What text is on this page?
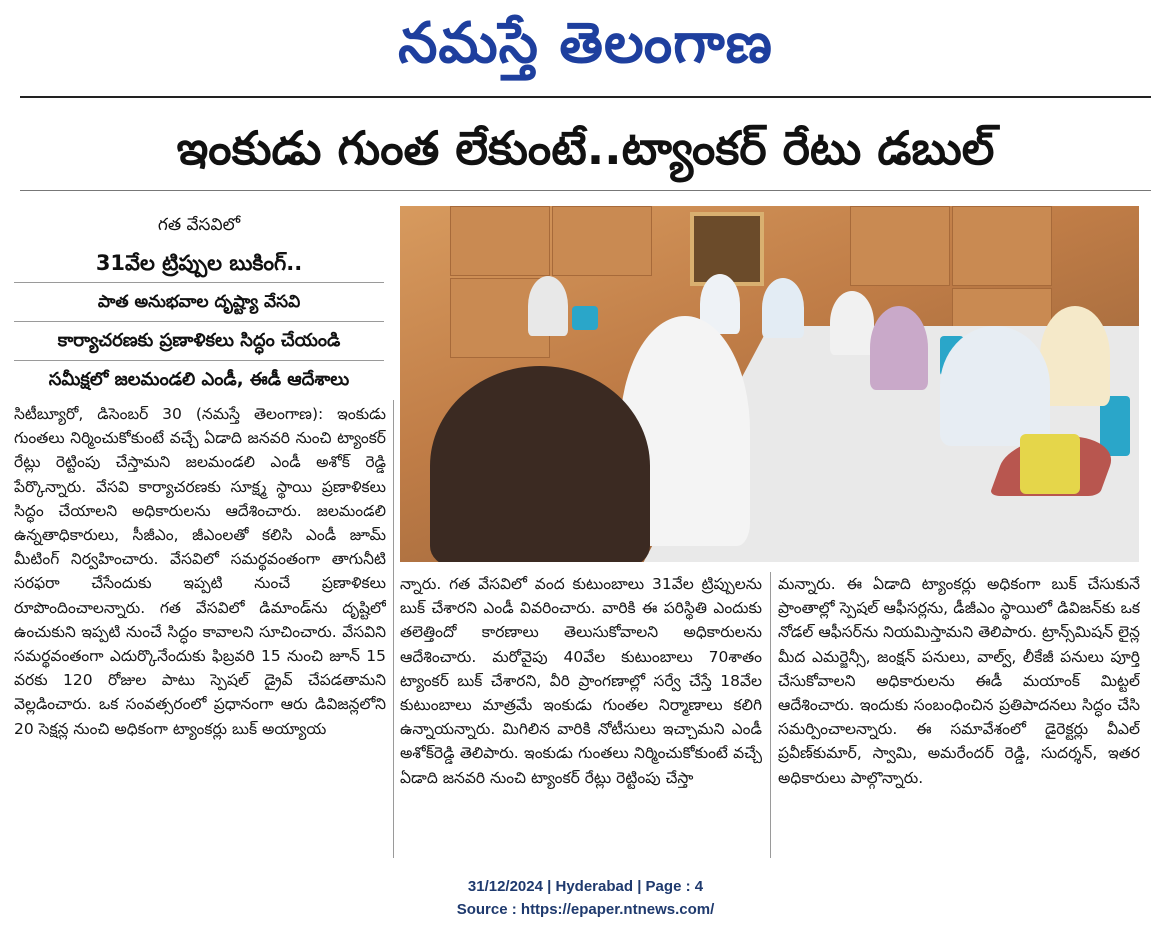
నమస్తే తెలంగాణ
ఇంకుడు గుంత లేకుంటే..ట్యాంకర్ రేటు డబుల్
గత వేసవిలో
31వేల ట్రిప్పుల బుకింగ్..
పాత అనుభవాల దృష్ట్యా వేసవి
కార్యాచరణకు ప్రణాళికలు సిద్ధం చేయండి
సమీక్షలో జలమండలి ఎండీ, ఈడీ ఆదేశాలు
సిటీబ్యూరో, డిసెంబర్ 30 (నమస్తే తెలంగాణ): ఇంకుడు గుంతలు నిర్మించుకోకుంటే వచ్చే ఏడాది జనవరి నుంచి ట్యాంకర్ రేట్లు రెట్టింపు చేస్తామని జలమండలి ఎండీ అశోక్ రెడ్డి పేర్కొన్నారు. వేసవి కార్యాచరణకు సూక్ష్మ స్థాయి ప్రణాళికలు సిద్ధం చేయాలని అధికారులను ఆదేశించారు. జలమండలి ఉన్నతాధికారులు, సీజీఎం, జీఎంలతో కలిసి ఎండీ జూమ్ మీటింగ్ నిర్వహించారు. వేసవిలో సమర్థవంతంగా తాగునీటి సరఫరా చేసేందుకు ఇప్పటి నుంచే ప్రణాళికలు రూపొందించాలన్నారు. గత వేసవిలో డిమాండ్‌ను దృష్టిలో ఉంచుకుని ఇప్పటి నుంచే సిద్ధం కావాలని సూచించారు. వేసవిని సమర్థవంతంగా ఎదుర్కొనేందుకు ఫిబ్రవరి 15 నుంచి జూన్ 15 వరకు 120 రోజుల పాటు స్పెషల్ డ్రైవ్ చేపడతామని వెల్లడించారు. ఒక సంవత్సరంలో ప్రధానంగా ఆరు డివిజన్లలోని 20 సెక్షన్ల నుంచి అధికంగా ట్యాంకర్లు బుక్ అయ్యాయ
న్నారు. గత వేసవిలో వంద కుటుంబాలు 31వేల ట్రిప్పులను బుక్ చేశారని ఎండీ వివరించారు. వారికి ఈ పరిస్థితి ఎందుకు తలెత్తిందో కారణాలు తెలుసుకోవాలని అధికారులను ఆదేశించారు. మరోవైపు 40వేల కుటుంబాలు 70శాతం ట్యాంకర్ బుక్ చేశారని, వీరి ప్రాంగణాల్లో సర్వే చేస్తే 18వేల కుటుంబాలు మాత్రమే ఇంకుడు గుంతల నిర్మాణాలు కలిగి ఉన్నాయన్నారు. మిగిలిన వారికి నోటీసులు ఇచ్చామని ఎండీ అశోక్‌రెడ్డి తెలిపారు. ఇంకుడు గుంతలు నిర్మించుకోకుంటే వచ్చే ఏడాది జనవరి నుంచి ట్యాంకర్ రేట్లు రెట్టింపు చేస్తా
మన్నారు. ఈ ఏడాది ట్యాంకర్లు అధికంగా బుక్ చేసుకునే ప్రాంతాల్లో స్పెషల్ ఆఫీసర్లను, డీజీఎం స్థాయిలో డివిజన్‌కు ఒక నోడల్ ఆఫీసర్‌ను నియమిస్తామని తెలిపారు. ట్రాన్స్‌మిషన్ లైన్ల మీద ఎమర్జెన్సీ, జంక్షన్ పనులు, వాల్వ్, లీకేజీ పనులు పూర్తి చేసుకోవాలని అధికారులను ఈడీ మయాంక్ మిట్టల్ ఆదేశించారు. ఇందుకు సంబంధించిన ప్రతిపాదనలు సిద్ధం చేసి సమర్పించాలన్నారు. ఈ సమావేశంలో డైరెక్టర్లు వీఎల్ ప్రవీణ్‌కుమార్, స్వామి, అమరేందర్ రెడ్డి, సుదర్శన్, ఇతర అధికారులు పాల్గొన్నారు.
31/12/2024 | Hyderabad | Page : 4
Source : https://epaper.ntnews.com/
